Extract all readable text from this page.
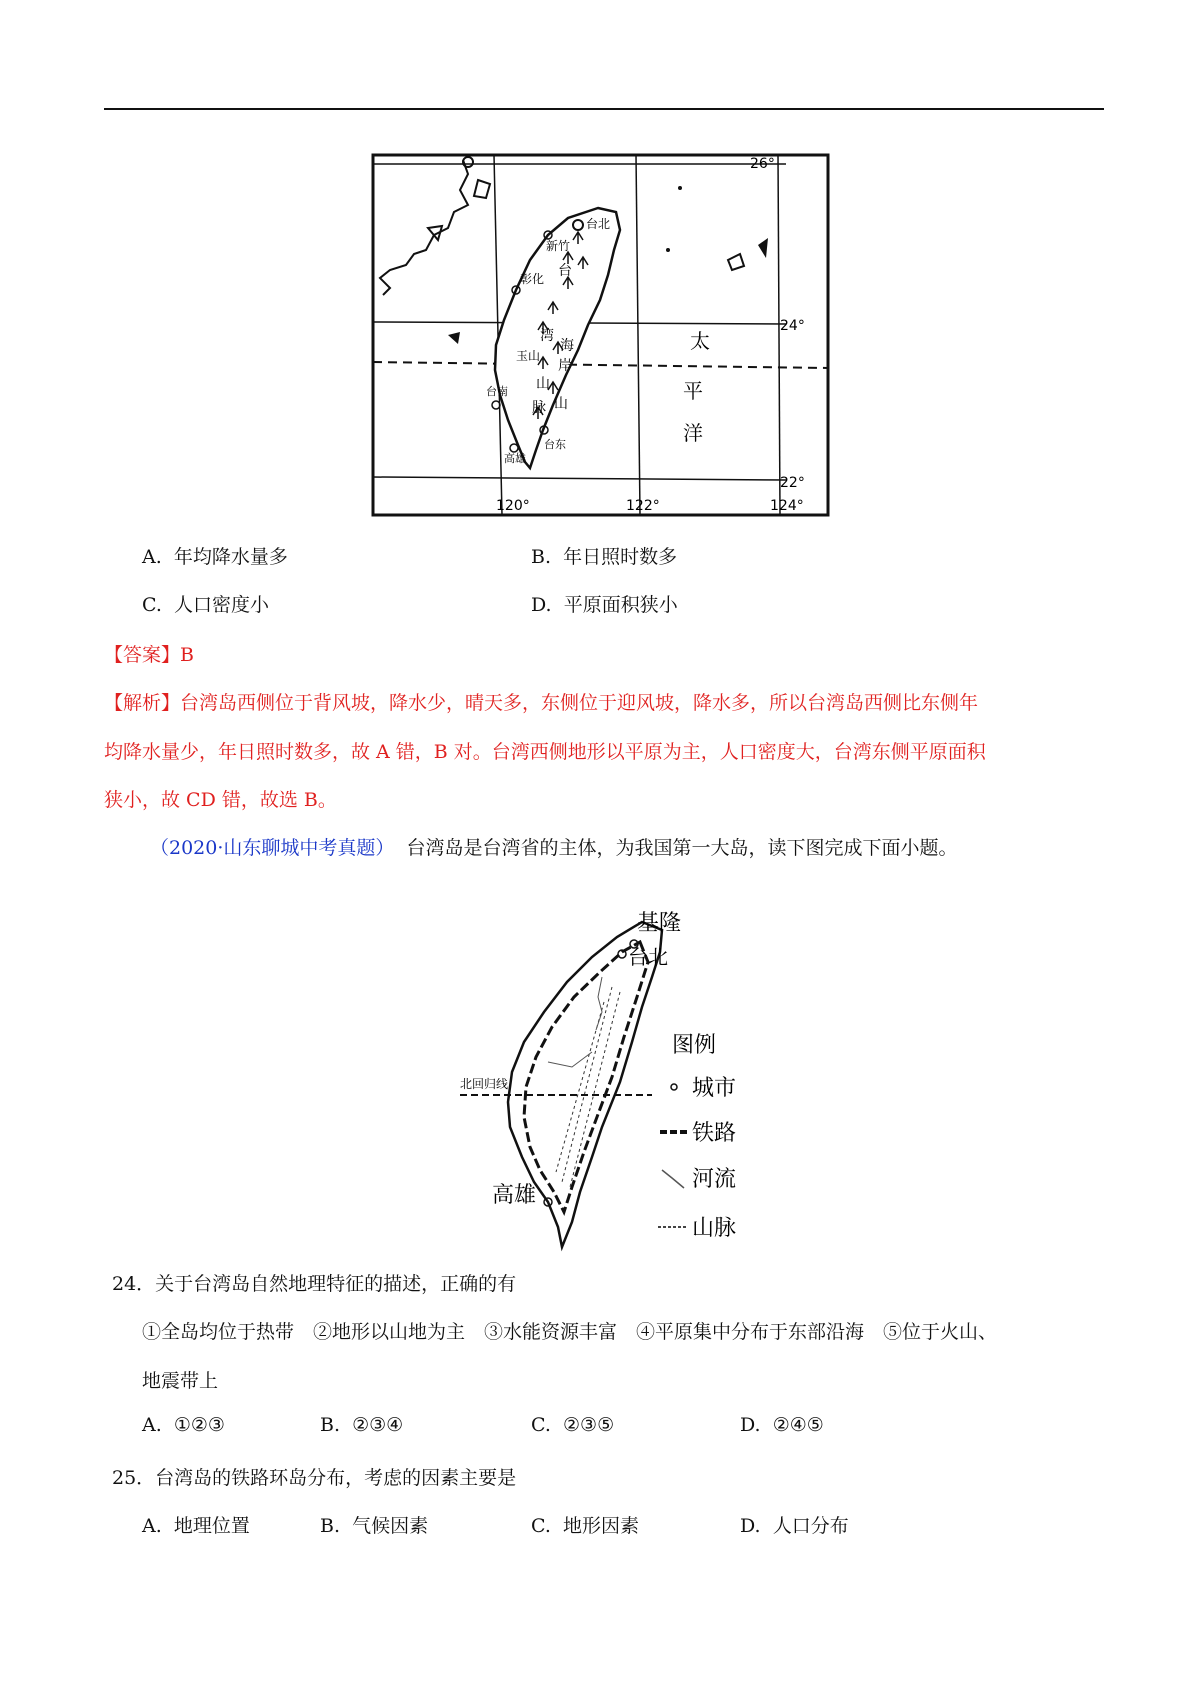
26°
24°
22°
120°	122°	124°
台北
新竹
彰化 台
湾
海
岸
玉山
山
台南
脉 山
高雄
台东
太
平
洋
A. 年均降水量多	B. 年日照时数多
C. 人口密度小	D. 平原面积狭小
【答案】B
【解析】台湾岛西侧位于背风坡，降水少，晴天多，东侧位于迎风坡，降水多，所以台湾岛西侧比东侧年
均降水量少，年日照时数多，故 A 错，B 对。台湾西侧地形以平原为主，人口密度大，台湾东侧平原面积
狭小，故 CD 错，故选 B。
（2020·山东聊城中考真题） 台湾岛是台湾省的主体，为我国第一大岛，读下图完成下面小题。
基隆
台北
北回归线
高雄
图例
城市
铁路
河流
山脉
24．关于台湾岛自然地理特征的描述，正确的有
①全岛均位于热带　②地形以山地为主　③水能资源丰富　④平原集中分布于东部沿海　⑤位于火山、
地震带上
A. ①②③	B. ②③④	C. ②③⑤	D. ②④⑤
25．台湾岛的铁路环岛分布，考虑的因素主要是
A. 地理位置	B. 气候因素	C. 地形因素	D. 人口分布
